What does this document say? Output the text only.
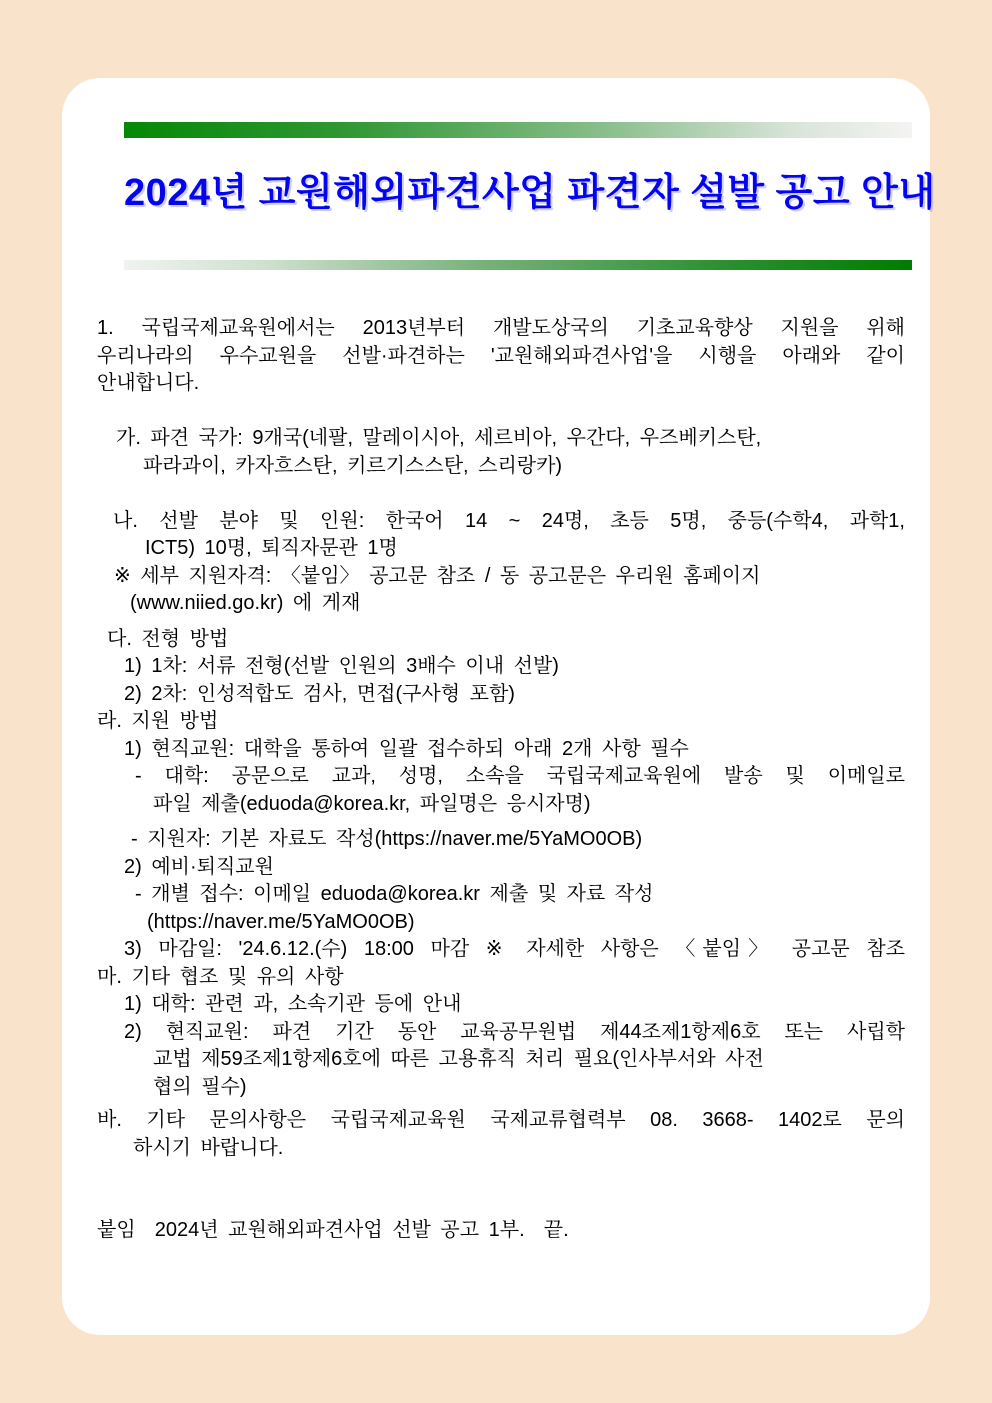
2024년 교원해외파견사업 파견자 설발 공고 안내
1. 국립국제교육원에서는 2013년부터 개발도상국의 기초교육향상 지원을 위해
우리나라의 우수교원을 선발·파견하는 '교원해외파견사업'을 시행을 아래와 같이
안내합니다.

가. 파견 국가: 9개국(네팔, 말레이시아, 세르비아, 우간다, 우즈베키스탄,
파라과이, 카자흐스탄, 키르기스스탄, 스리랑카)

나. 선발 분야 및 인원: 한국어 14 ~ 24명, 초등 5명, 중등(수학4, 과학1,
ICT5) 10명, 퇴직자문관 1명
※ 세부 지원자격: 〈붙임〉 공고문 참조 / 동 공고문은 우리원 홈페이지
(www.niied.go.kr) 에 게재
다. 전형 방법
1) 1차: 서류 전형(선발 인원의 3배수 이내 선발)
2) 2차: 인성적합도 검사, 면접(구사형 포함)
라. 지원 방법
1) 현직교원: 대학을 통하여 일괄 접수하되 아래 2개 사항 필수
- 대학: 공문으로 교과, 성명, 소속을 국립국제교육원에 발송 및 이메일로
파일 제출(eduoda@korea.kr, 파일명은 응시자명)
- 지원자: 기본 자료도 작성(https://naver.me/5YaMO0OB)
2) 예비·퇴직교원
- 개별 접수: 이메일 eduoda@korea.kr 제출 및 자료 작성
(https://naver.me/5YaMO0OB)
3) 마감일: '24.6.12.(수) 18:00 마감 ※ 자세한 사항은 〈붙임〉 공고문 참조
마. 기타 협조 및 유의 사항
1) 대학: 관련 과, 소속기관 등에 안내
2) 현직교원: 파견 기간 동안 교육공무원법 제44조제1항제6호 또는 사립학
교법 제59조제1항제6호에 따른 고용휴직 처리 필요(인사부서와 사전
협의 필수)
바. 기타 문의사항은 국립국제교육원 국제교류협력부 08. 3668- 1402로 문의
하시기 바랍니다.

붙임  2024년 교원해외파견사업 선발 공고 1부.  끝.
